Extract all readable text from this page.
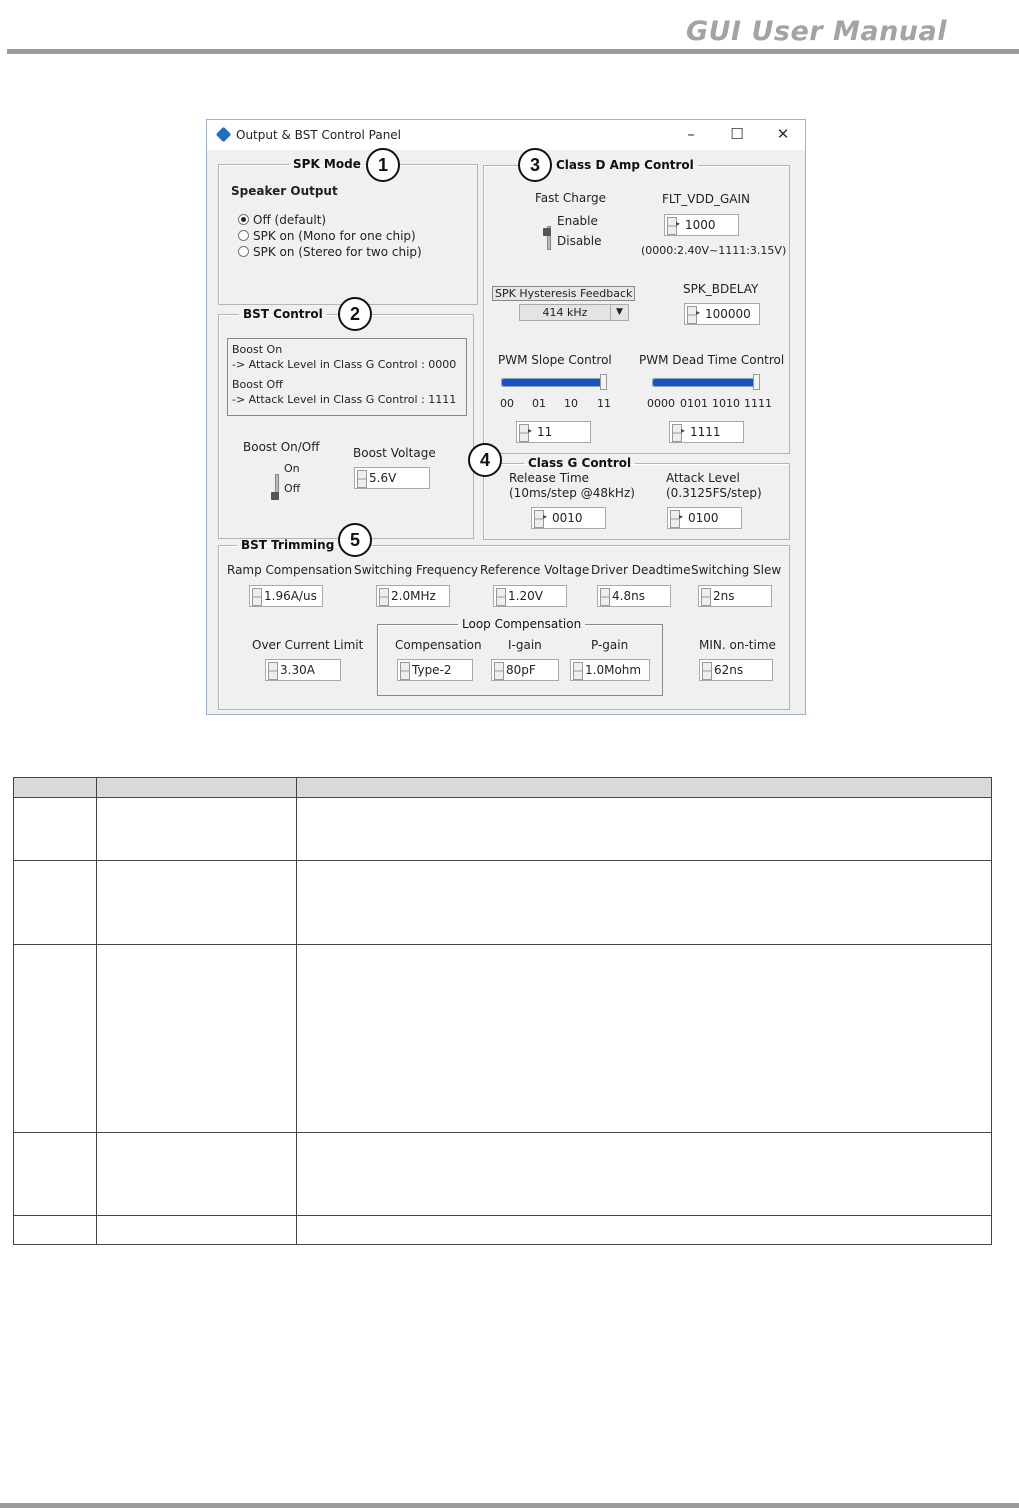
GUI User Manual
Output & BST Control Panel	–	☐	✕
SPK Mode
Speaker Output
Off (default)
SPK on (Mono for one chip)
SPK on (Stereo for two chip)
BST Control
Boost On
-> Attack Level in Class G Control : 0000
Boost Off
-> Attack Level in Class G Control : 1111
Boost On/Off
On
Off
Boost Voltage
5.6V
Class D Amp Control
Fast Charge
Enable
Disable
FLT_VDD_GAIN
1000 ▸
(0000:2.40V~1111:3.15V)
SPK Hysteresis Feedback
414 kHz	▼
SPK_BDELAY
100000 ▸
PWM Slope Control
00 01 10 11
11 ▸
PWM Dead Time Control
0000 0101 1010 1111
1111 ▸
Class G Control
Release Time
(10ms/step @48kHz)
0010 ▸
Attack Level
(0.3125FS/step)
0100 ▸
BST Trimming
Ramp Compensation
1.96A/us
Switching Frequency
2.0MHz
Reference Voltage
1.20V
Driver Deadtime
4.8ns
Switching Slew
2ns
Over Current Limit
3.30A
Loop Compensation
Compensation
Type-2
I-gain
80pF
P-gain
1.0Mohm
MIN. on-time
62ns
1
2
3
4
5
